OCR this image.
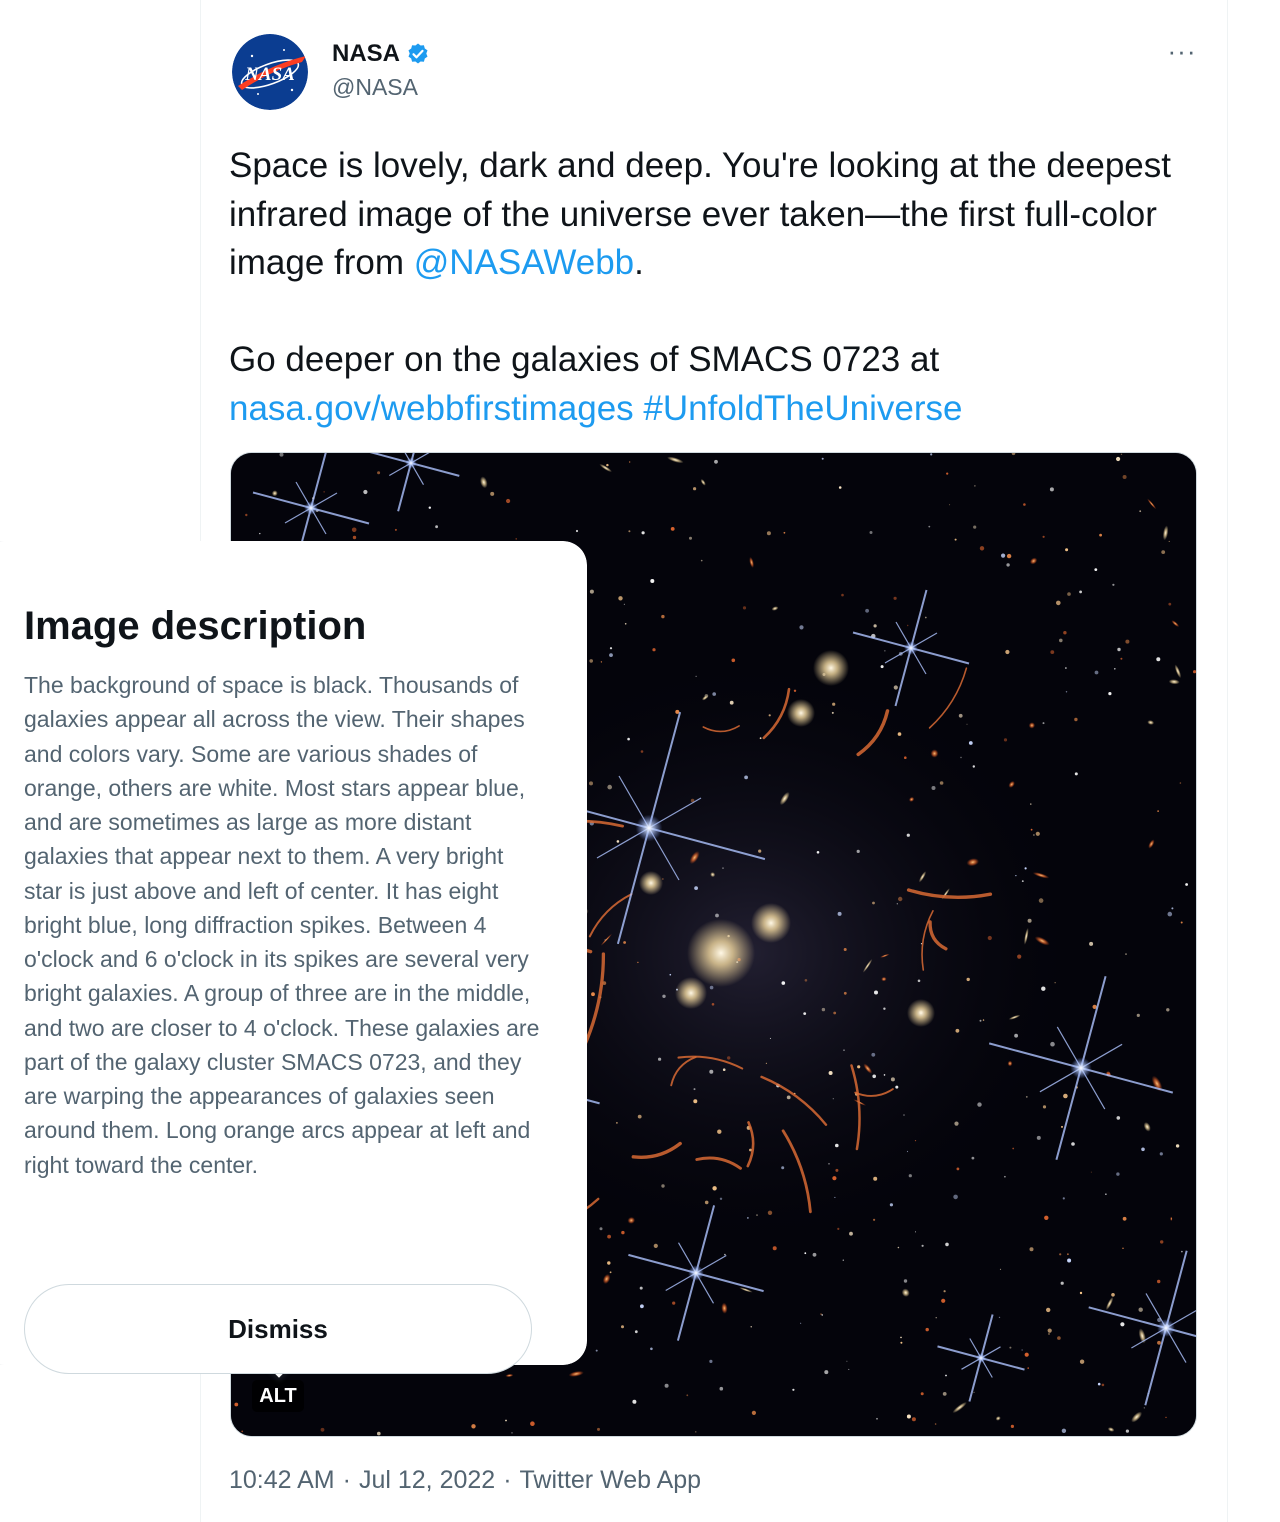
NASA
NASA
@NASA
···

Space is lovely, dark and deep. You're looking at the deepest infrared image of the universe ever taken—the first full-color image from @NASAWebb.

Go deeper on the galaxies of SMACS 0723 at
nasa.gov/webbfirstimages #UnfoldTheUniverse

ALT
10:42 AM · Jul 12, 2022 · Twitter Web App
Image description
The background of space is black. Thousands of galaxies appear all across the view. Their shapes and colors vary. Some are various shades of orange, others are white. Most stars appear blue, and are sometimes as large as more distant galaxies that appear next to them. A very bright star is just above and left of center. It has eight bright blue, long diffraction spikes. Between 4 o'clock and 6 o'clock in its spikes are several very bright galaxies. A group of three are in the middle, and two are closer to 4 o'clock. These galaxies are part of the galaxy cluster SMACS 0723, and they are warping the appearances of galaxies seen around them. Long orange arcs appear at left and right toward the center.
Dismiss
